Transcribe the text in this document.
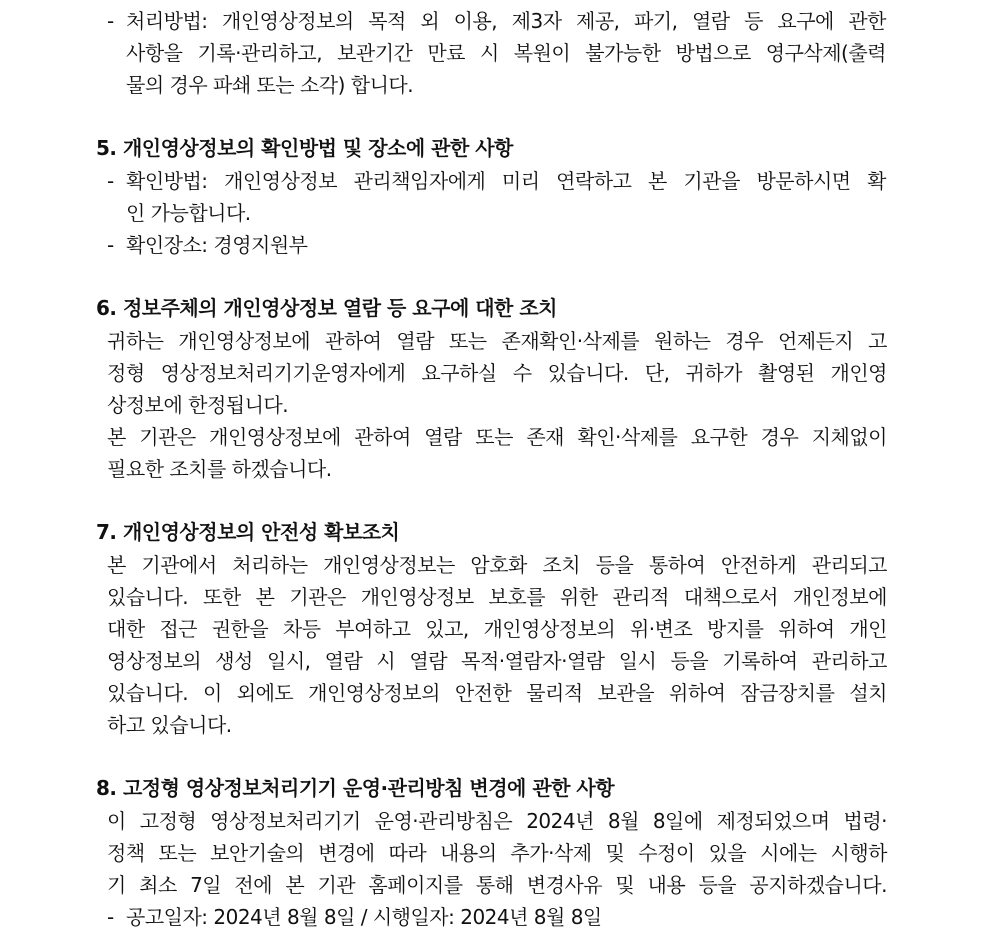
- 처리방법: 개인영상정보의 목적 외 이용, 제3자 제공, 파기, 열람 등 요구에 관한
사항을 기록·관리하고, 보관기간 만료 시 복원이 불가능한 방법으로 영구삭제(출력
물의 경우 파쇄 또는 소각) 합니다.
5. 개인영상정보의 확인방법 및 장소에 관한 사항
- 확인방법: 개인영상정보 관리책임자에게 미리 연락하고 본 기관을 방문하시면 확
인 가능합니다.
- 확인장소: 경영지원부
6. 정보주체의 개인영상정보 열람 등 요구에 대한 조치
귀하는 개인영상정보에 관하여 열람 또는 존재확인·삭제를 원하는 경우 언제든지 고
정형 영상정보처리기기운영자에게 요구하실 수 있습니다. 단, 귀하가 촬영된 개인영
상정보에 한정됩니다.
본 기관은 개인영상정보에 관하여 열람 또는 존재 확인·삭제를 요구한 경우 지체없이
필요한 조치를 하겠습니다.
7. 개인영상정보의 안전성 확보조치
본 기관에서 처리하는 개인영상정보는 암호화 조치 등을 통하여 안전하게 관리되고
있습니다. 또한 본 기관은 개인영상정보 보호를 위한 관리적 대책으로서 개인정보에
대한 접근 권한을 차등 부여하고 있고, 개인영상정보의 위·변조 방지를 위하여 개인
영상정보의 생성 일시, 열람 시 열람 목적·열람자·열람 일시 등을 기록하여 관리하고
있습니다. 이 외에도 개인영상정보의 안전한 물리적 보관을 위하여 잠금장치를 설치
하고 있습니다.
8. 고정형 영상정보처리기기 운영·관리방침 변경에 관한 사항
이 고정형 영상정보처리기기 운영·관리방침은 2024년 8월 8일에 제정되었으며 법령·
정책 또는 보안기술의 변경에 따라 내용의 추가·삭제 및 수정이 있을 시에는 시행하
기 최소 7일 전에 본 기관 홈페이지를 통해 변경사유 및 내용 등을 공지하겠습니다.
- 공고일자: 2024년 8월 8일 / 시행일자: 2024년 8월 8일
